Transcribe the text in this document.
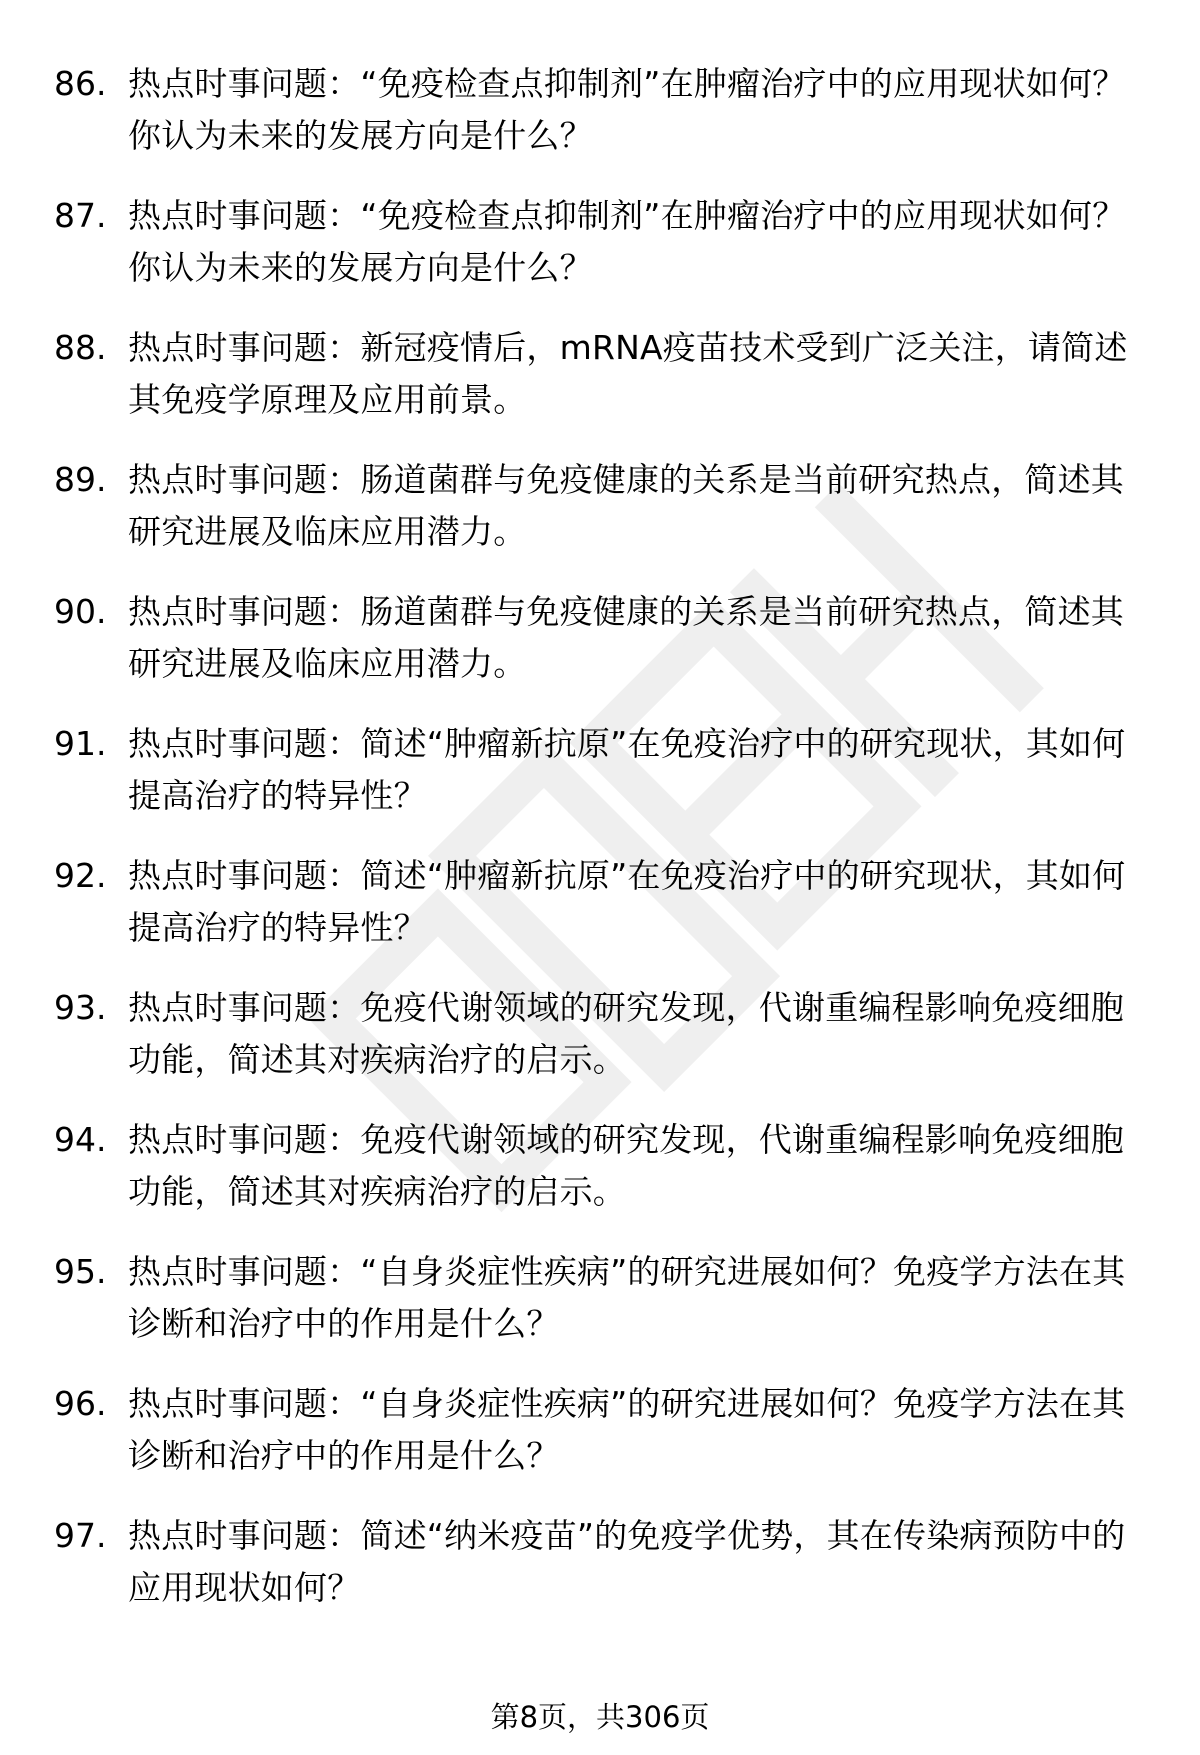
86. 热点时事问题：“免疫检查点抑制剂”在肿瘤治疗中的应用现状如何？你认为未来的发展方向是什么？
87. 热点时事问题：“免疫检查点抑制剂”在肿瘤治疗中的应用现状如何？你认为未来的发展方向是什么？
88. 热点时事问题：新冠疫情后，mRNA疫苗技术受到广泛关注，请简述其免疫学原理及应用前景。
89. 热点时事问题：肠道菌群与免疫健康的关系是当前研究热点，简述其研究进展及临床应用潜力。
90. 热点时事问题：肠道菌群与免疫健康的关系是当前研究热点，简述其研究进展及临床应用潜力。
91. 热点时事问题：简述“肿瘤新抗原”在免疫治疗中的研究现状，其如何提高治疗的特异性？
92. 热点时事问题：简述“肿瘤新抗原”在免疫治疗中的研究现状，其如何提高治疗的特异性？
93. 热点时事问题：免疫代谢领域的研究发现，代谢重编程影响免疫细胞功能，简述其对疾病治疗的启示。
94. 热点时事问题：免疫代谢领域的研究发现，代谢重编程影响免疫细胞功能，简述其对疾病治疗的启示。
95. 热点时事问题：“自身炎症性疾病”的研究进展如何？免疫学方法在其诊断和治疗中的作用是什么？
96. 热点时事问题：“自身炎症性疾病”的研究进展如何？免疫学方法在其诊断和治疗中的作用是什么？
97. 热点时事问题：简述“纳米疫苗”的免疫学优势，其在传染病预防中的应用现状如何？
第8页，共306页
